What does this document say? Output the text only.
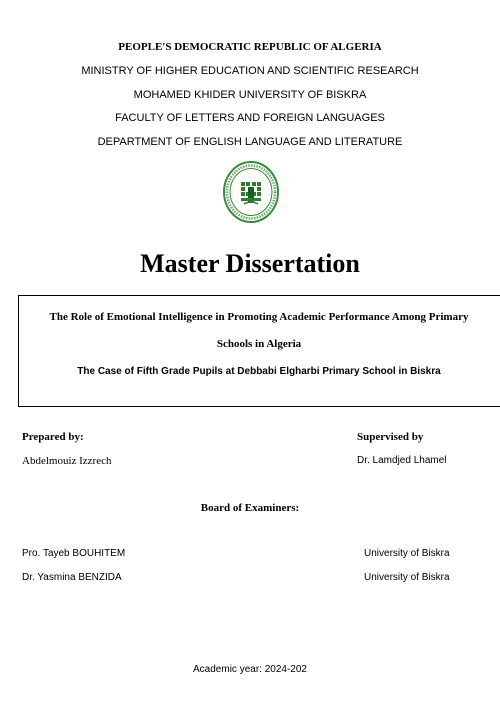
PEOPLE'S DEMOCRATIC REPUBLIC OF ALGERIA
MINISTRY OF HIGHER EDUCATION AND SCIENTIFIC RESEARCH
MOHAMED KHIDER UNIVERSITY OF BISKRA
FACULTY OF LETTERS AND FOREIGN LANGUAGES
DEPARTMENT OF ENGLISH LANGUAGE AND LITERATURE
Master Dissertation
The Role of Emotional Intelligence in Promoting Academic Performance Among Primary
Schools in Algeria
The Case of Fifth Grade Pupils at Debbabi Elgharbi Primary School in Biskra
Prepared by:
Abdelmouiz Izzrech
Supervised by
Dr. Lamdjed Lhamel
Board of Examiners:
Pro. Tayeb BOUHITEM	University of Biskra
Dr. Yasmina BENZIDA	University of Biskra
Academic year: 2024-202
